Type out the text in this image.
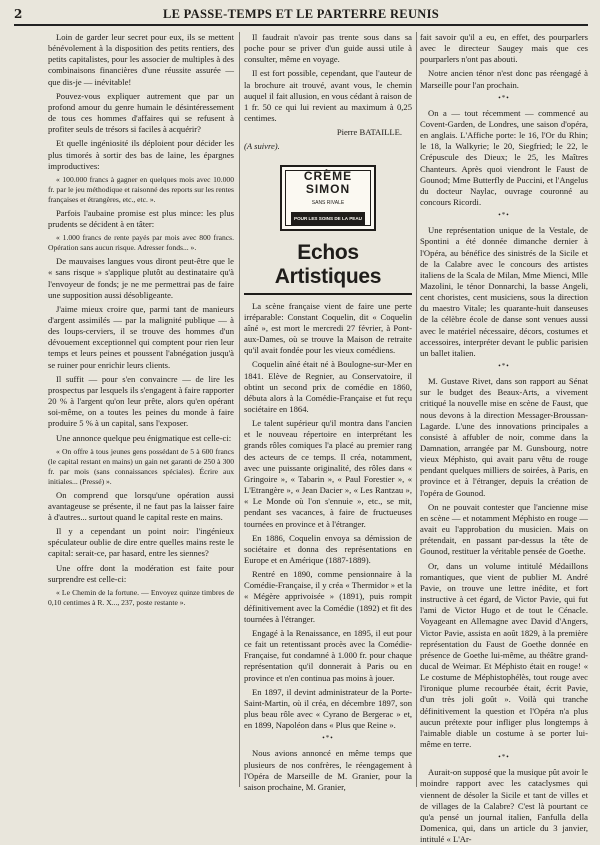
2	LE PASSE-TEMPS ET LE PARTERRE REUNIS

Loin de garder leur secret pour eux, ils se mettent bénévolement à la disposition des petits rentiers, des petits capitalistes, pour les associer de multiples à des combinaisons financières d'une réussite assurée — que dis-je — inévitable!

Pouvez-vous expliquer autrement que par un profond amour du genre humain le désintéressement de tous ces hommes d'affaires qui se refusent à profiter seuls de trésors si faciles à acquérir?

Et quelle ingéniosité ils déploient pour décider les plus timorés à sortir des bas de laine, les épargnes improductives:

« 100.000 francs à gagner en quelques mois avec 10.000 fr. par le jeu méthodique et raisonné des reports sur les rentes françaises et étrangères, etc., etc. ».

Parfois l'aubaine promise est plus mince: les plus prudents se décident à en tâter:

« 1.000 francs de rente payés par mois avec 800 francs. Opération sans aucun risque. Adresser fonds... ».

De mauvaises langues vous diront peut-être que le « sans risque » s'applique plutôt au destinataire qu'à l'envoyeur de fonds; je ne me permettrai pas de faire une supposition aussi désobligeante.

J'aime mieux croire que, parmi tant de manieurs d'argent assimilés — par la malignité publique — à des loups-cerviers, il se trouve des hommes d'un dévouement exceptionnel qui comptent pour rien leur temps et leurs peines et poussent l'abnégation jusqu'à se ruiner pour enrichir leurs clients.

Il suffit — pour s'en convaincre — de lire les prospectus par lesquels ils s'engagent à faire rapporter 20 % à l'argent qu'on leur prête, alors qu'en opérant soi-même, on a toutes les peines du monde à faire produire 5 % à un capital, sans l'exposer.

Une annonce quelque peu énigmatique est celle-ci:

« On offre à tous jeunes gens possédant de 5 à 600 francs (le capital restant en mains) un gain net garanti de 250 à 300 fr. par mois (sans connaissances spéciales). Écrire aux initiales... (Pressé) ».

On comprend que lorsqu'une opération aussi avantageuse se présente, il ne faut pas la laisser faire à d'autres... surtout quand le capital reste en mains.

Il y a cependant un point noir: l'ingénieux spéculateur oublie de dire entre quelles mains reste le capital: serait-ce, par hasard, entre les siennes?

Une offre dont la modération est faite pour surprendre est celle-ci:

« Le Chemin de la fortune. — Envoyez quinze timbres de 0,10 centimes à R. X..., 237, poste restante ».

Il faudrait n'avoir pas trente sous dans sa poche pour se priver d'un guide aussi utile à consulter, même en voyage.

Il est fort possible, cependant, que l'auteur de la brochure ait trouvé, avant vous, le chemin auquel il fait allusion, en vous cédant à raison de 1 fr. 50 ce qui lui revient au maximum à 0,25 centimes.

Pierre BATAILLE.

(A suivre).

CRÈME
SIMON
SANS RIVALE
POUR LES SOINS DE LA PEAU
Echos Artistiques

La scène française vient de faire une perte irréparable: Constant Coquelin, dit « Coquelin aîné », est mort le mercredi 27 février, à Pont-aux-Dames, où se trouve la Maison de retraite qu'il avait fondée pour les vieux comédiens.

Coquelin aîné était né à Boulogne-sur-Mer en 1841. Elève de Regnier, au Conservatoire, il obtint un second prix de comédie en 1860, débuta alors à la Comédie-Française et fut reçu sociétaire en 1864.

Le talent supérieur qu'il montra dans l'ancien et le nouveau répertoire en interprétant les grands rôles comiques l'a placé au premier rang des acteurs de ce temps. Il créa, notamment, avec une puissante originalité, des rôles dans « Gringoire », « Tabarin », « Paul Forestier », « L'Etrangère », « Jean Dacier », « Les Rantzau », « Le Monde où l'on s'ennuie », etc., se mit, pendant ses vacances, à faire de fructueuses tournées en province et à l'étranger.

En 1886, Coquelin envoya sa démission de sociétaire et donna des représentations en Europe et en Amérique (1887-1889).

Rentré en 1890, comme pensionnaire à la Comédie-Française, il y créa « Thermidor » et la « Mégère apprivoisée » (1891), puis rompit définitivement avec la Comédie (1892) et fit des tournées à l'étranger.

Engagé à la Renaissance, en 1895, il eut pour ce fait un retentissant procès avec la Comédie-Française, fut condamné à 1.000 fr. pour chaque représentation qu'il donnerait à Paris ou en province et n'en continua pas moins à jouer.

En 1897, il devint administrateur de la Porte-Saint-Martin, où il créa, en décembre 1897, son plus beau rôle avec « Cyrano de Bergerac » et, en 1899, Napoléon dans « Plus que Reine ».

•*•

Nous avions annoncé en même temps que plusieurs de nos confrères, le réengagement à l'Opéra de Marseille de M. Granier, pour la saison prochaine, M. Granier,

fait savoir qu'il a eu, en effet, des pourparlers avec le directeur Saugey mais que ces pourparlers n'ont pas abouti.

Notre ancien ténor n'est donc pas réengagé à Marseille pour l'an prochain.

•*•

On a — tout récemment — commencé au Covent-Garden, de Londres, une saison d'opéra, en anglais. L'Affiche porte: le 16, l'Or du Rhin; le 18, la Walkyrie; le 20, Siegfried; le 22, le Crépuscule des Dieux; le 25, les Maîtres Chanteurs. Après quoi viendront le Faust de Gounod; Mme Butterfly de Puccini, et l'Angelus du docteur Naylac, ouvrage couronné au concours Ricordi.

•*•

Une représentation unique de la Vestale, de Spontini a été donnée dimanche dernier à l'Opéra, au bénéfice des sinistrés de la Sicile et de la Calabre avec le concours des artistes italiens de la Scala de Milan, Mme Mienci, Mlle Mazolini, le ténor Donnarchi, la basse Angeli, cent choristes, cent musiciens, sous la direction du maestro Vitale; les quarante-huit danseuses de la célèbre école de danse sont venues aussi avec le matériel nécessaire, décors, costumes et accessoires, interpréter devant le public parisien un ballet italien.

•*•

M. Gustave Rivet, dans son rapport au Sénat sur le budget des Beaux-Arts, a vivement critiqué la nouvelle mise en scène de Faust, que nous devons à la direction Messager-Broussan-Lagarde. L'une des innovations principales a consisté à affubler de noir, comme dans la Damnation, arrangée par M. Gunsbourg, notre vieux Méphisto, qui avait paru vêtu de rouge pendant quelques milliers de soirées, à Paris, en province et à l'étranger, depuis la création de l'opéra de Gounod.

On ne pouvait contester que l'ancienne mise en scène — et notamment Méphisto en rouge — avait eu l'approbation du musicien. Mais on prétendait, en passant par-dessus la tête de Gounod, restituer la véritable pensée de Goethe.

Or, dans un volume intitulé Médaillons romantiques, que vient de publier M. André Pavie, on trouve une lettre inédite, et fort instructive à cet égard, de Victor Pavie, qui fut l'ami de Victor Hugo et de tout le Cénacle. Voyageant en Allemagne avec David d'Angers, Victor Pavie, assista en août 1829, à la première représentation du Faust de Goethe donnée en présence de Goethe lui-même, au théâtre grand-ducal de Weimar. Et Méphisto était en rouge! « Le costume de Méphistophélès, tout rouge avec l'ironique plume recourbée était, écrit Pavie, d'un très joli goût ». Voilà qui tranche définitivement la question et l'Opéra n'a plus aucun prétexte pour infliger plus longtemps à l'aimable diable un costume à se porter lui-même en terre.

•*•

Aurait-on supposé que la musique pût avoir le moindre rapport avec les cataclysmes qui viennent de désoler la Sicile et tant de villes et de villages de la Calabre? C'est là pourtant ce qu'a pensé un journal italien, Fanfulla della Domenica, qui, dans un article du 3 janvier, intitulé « L'Ar-
